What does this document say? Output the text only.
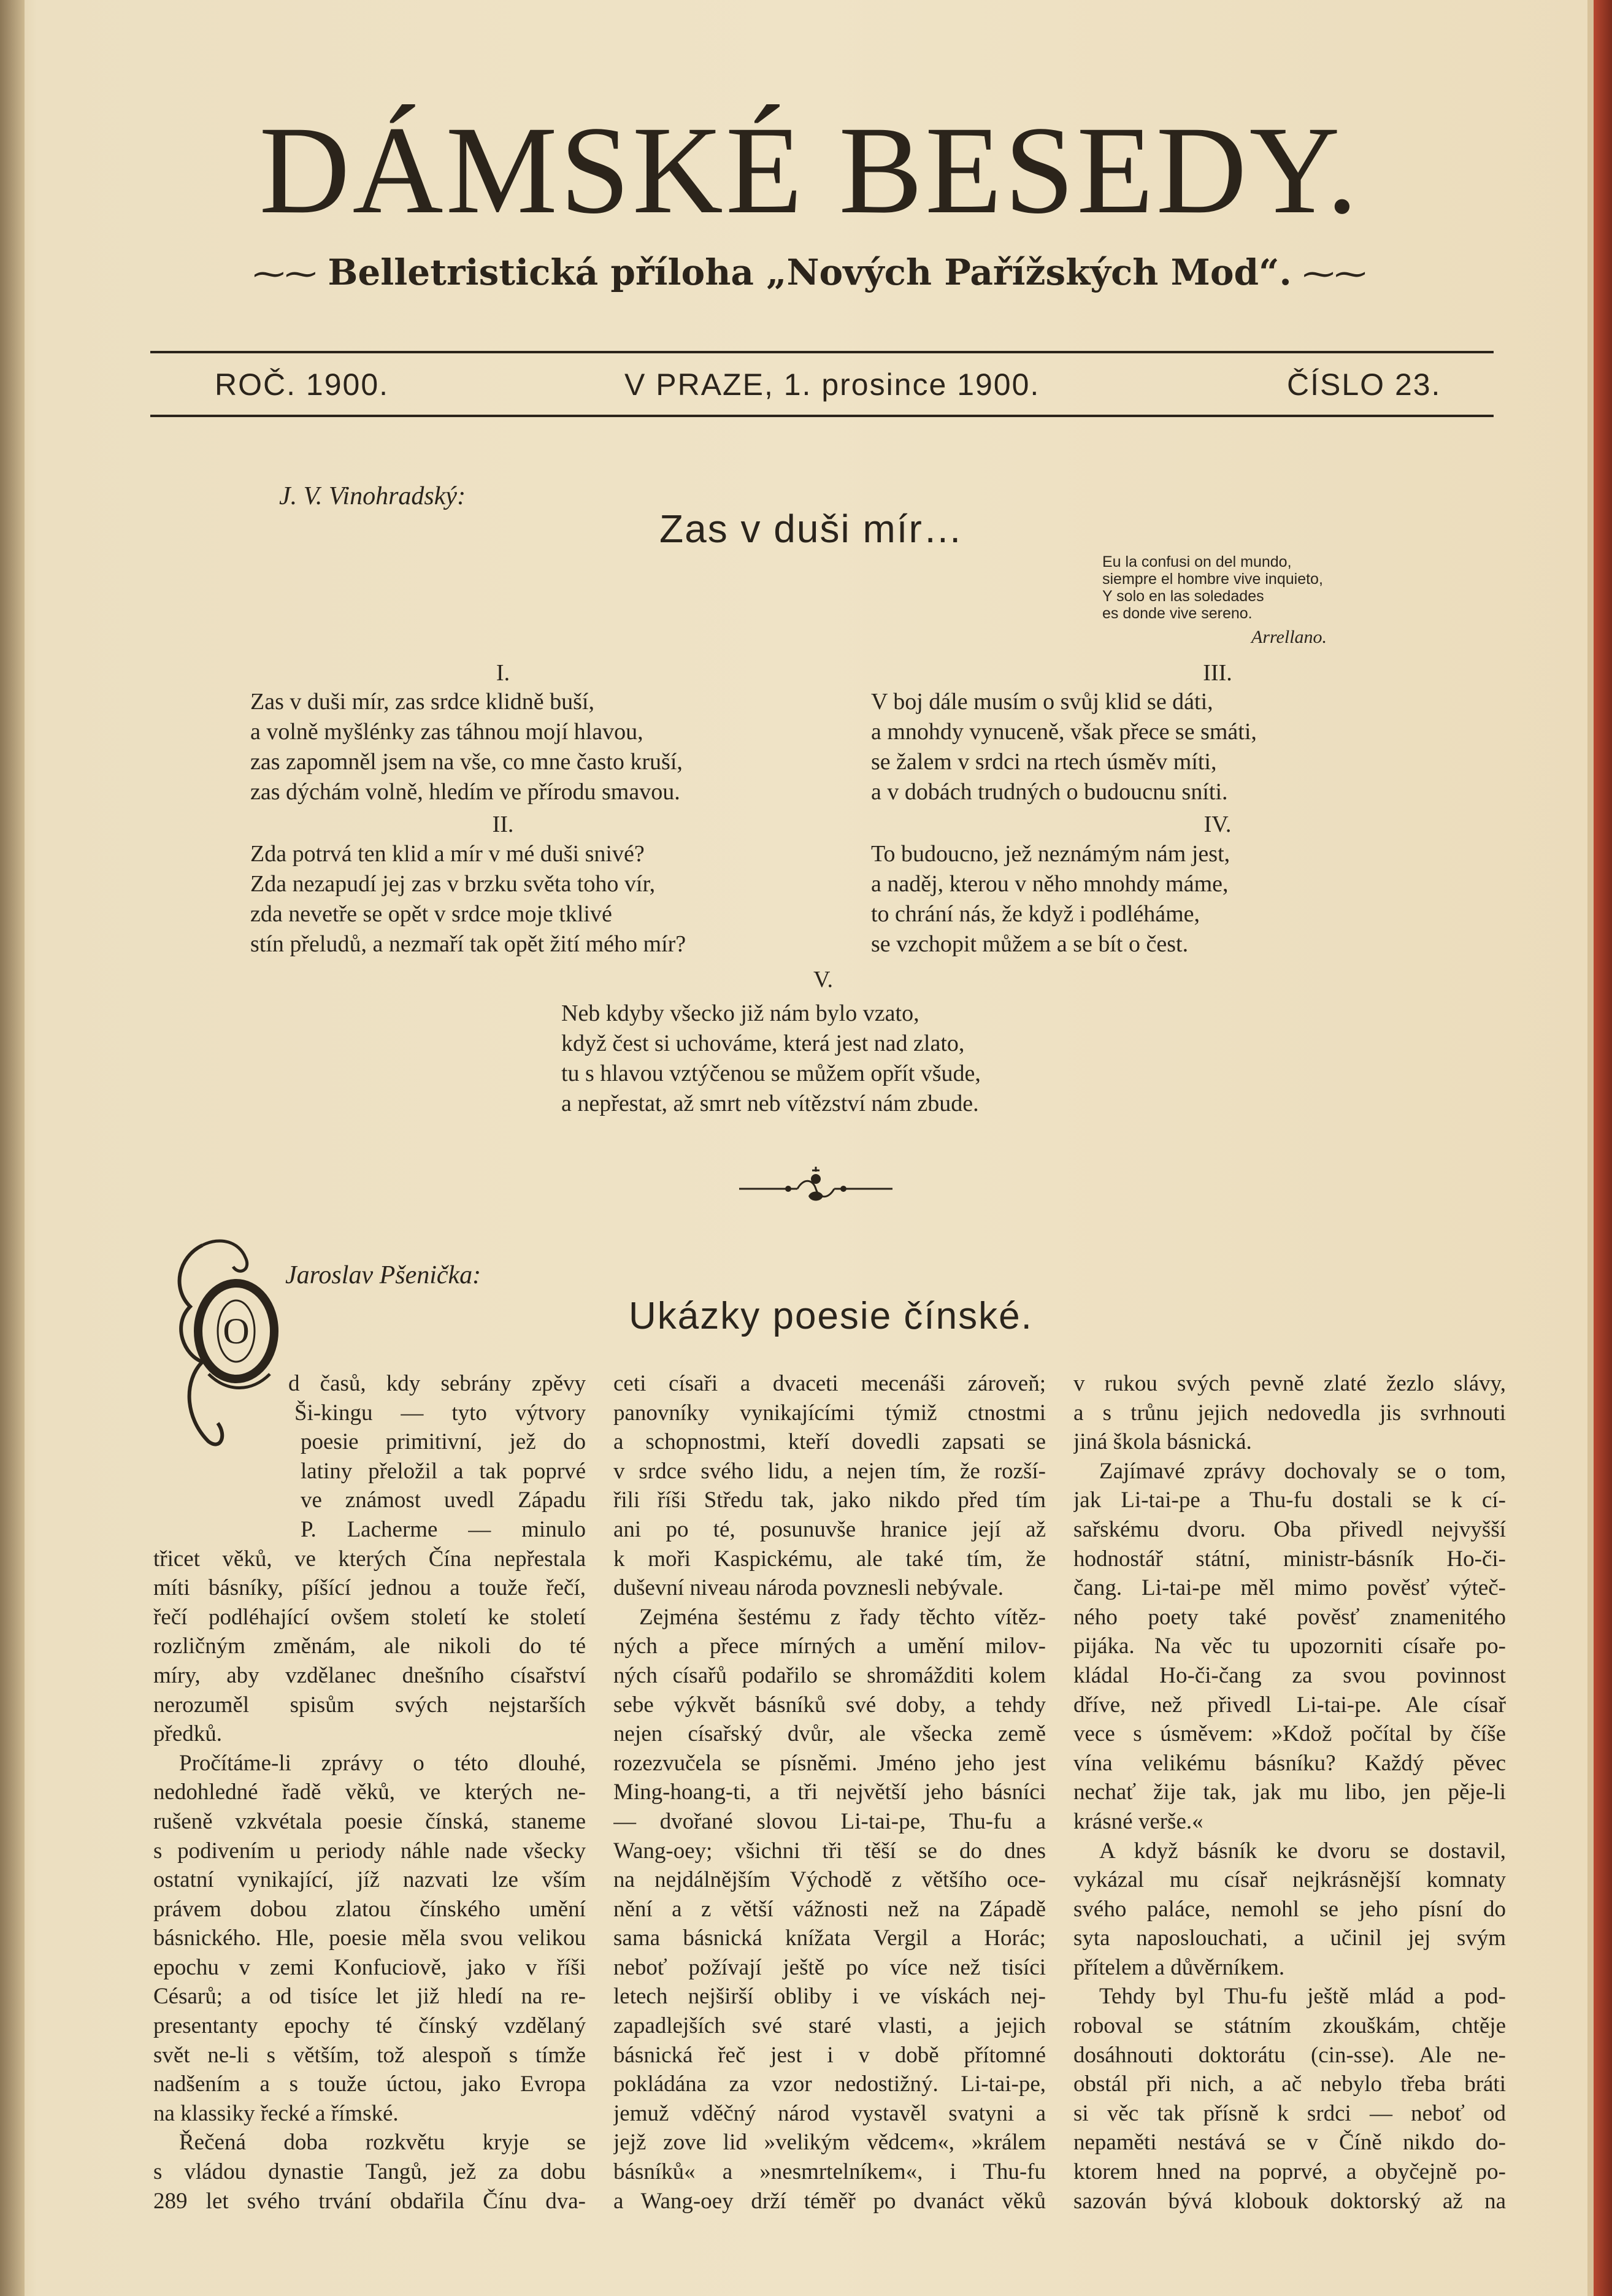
DÁMSKÉ BESEDY.
⁓⁓ Belletristická příloha „Nových Pařížských Mod“. ⁓⁓
ROČ. 1900.	V PRAZE, 1. prosince 1900.	ČÍSLO 23.
J. V. Vinohradský:
Zas v duši mír…
Eu la confusi on del mundo,
siempre el hombre vive inquieto,
Y solo en las soledades
es donde vive sereno.
Arrellano.
I.
Zas v duši mír, zas srdce klidně buší,
a volně myšlénky zas táhnou mojí hlavou,
zas zapomněl jsem na vše, co mne často kruší,
zas dýchám volně, hledím ve přírodu smavou.
II.
Zda potrvá ten klid a mír v mé duši snivé?
Zda nezapudí jej zas v brzku světa toho vír,
zda nevetře se opět v srdce moje tklivé
stín přeludů, a nezmaří tak opět žití mého mír?
III.
V boj dále musím o svůj klid se dáti,
a mnohdy vynuceně, však přece se smáti,
se žalem v srdci na rtech úsměv míti,
a v dobách trudných o budoucnu sníti.
IV.
To budoucno, jež neznámým nám jest,
a naděj, kterou v něho mnohdy máme,
to chrání nás, že když i podléháme,
se vzchopit můžem a se bít o čest.
V.
Neb kdyby všecko již nám bylo vzato,
když čest si uchováme, která jest nad zlato,
tu s hlavou vztýčenou se můžem opřít všude,
a nepřestat, až smrt neb vítězství nám zbude.
O
Jaroslav Pšenička:
Ukázky poesie čínské.
d časů, kdy sebrány zpěvy
Ši-kingu — tyto výtvory
poesie primitivní, jež do
latiny přeložil a tak poprvé
ve známost uvedl Západu
P. Lacherme — minulo
třicet věků, ve kterých Čína nepřestala
míti básníky, píšící jednou a touže řečí,
řečí podléhající ovšem století ke století
rozličným změnám, ale nikoli do té
míry, aby vzdělanec dnešního císařství
nerozuměl spisům svých nejstarších
předků.
Pročítáme-li zprávy o této dlouhé,
nedohledné řadě věků, ve kterých ne-
rušeně vzkvétala poesie čínská, staneme
s podivením u periody náhle nade všecky
ostatní vynikající, jíž nazvati lze vším
právem dobou zlatou čínského umění
básnického. Hle, poesie měla svou velikou
epochu v zemi Konfuciově, jako v říši
Césarů; a od tisíce let již hledí na re-
presentanty epochy té čínský vzdělaný
svět ne-li s větším, tož alespoň s tímže
nadšením a s touže úctou, jako Evropa
na klassiky řecké a římské.
Řečená doba rozkvětu kryje se
s vládou dynastie Tangů, jež za dobu
289 let svého trvání obdařila Čínu dva-
ceti císaři a dvaceti mecenáši zároveň;
panovníky vynikajícími týmiž ctnostmi
a schopnostmi, kteří dovedli zapsati se
v srdce svého lidu, a nejen tím, že rozší-
řili říši Středu tak, jako nikdo před tím
ani po té, posunuvše hranice její až
k moři Kaspickému, ale také tím, že
duševní niveau národa povznesli nebývale.
Zejména šestému z řady těchto vítěz-
ných a přece mírných a umění milov-
ných císařů podařilo se shromážditi kolem
sebe výkvět básníků své doby, a tehdy
nejen císařský dvůr, ale všecka země
rozezvučela se písněmi. Jméno jeho jest
Ming-hoang-ti, a tři největší jeho básníci
— dvořané slovou Li-tai-pe, Thu-fu a
Wang-oey; všichni tři těší se do dnes
na nejdálnějším Východě z většího oce-
nění a z větší vážnosti než na Západě
sama básnická knížata Vergil a Horác;
neboť požívají ještě po více než tisíci
letech nejširší obliby i ve vískách nej-
zapadlejších své staré vlasti, a jejich
básnická řeč jest i v době přítomné
pokládána za vzor nedostižný. Li-tai-pe,
jemuž vděčný národ vystavěl svatyni a
jejž zove lid »velikým vědcem«, »králem
básníků« a »nesmrtelníkem«, i Thu-fu
a Wang-oey drží téměř po dvanáct věků
v rukou svých pevně zlaté žezlo slávy,
a s trůnu jejich nedovedla jis svrhnouti
jiná škola básnická.
Zajímavé zprávy dochovaly se o tom,
jak Li-tai-pe a Thu-fu dostali se k cí-
sařskému dvoru. Oba přivedl nejvyšší
hodnostář státní, ministr-básník Ho-či-
čang. Li-tai-pe měl mimo pověsť výteč-
ného poety také pověsť znamenitého
pijáka. Na věc tu upozorniti císaře po-
kládal Ho-či-čang za svou povinnost
dříve, než přivedl Li-tai-pe. Ale císař
vece s úsměvem: »Kdož počítal by číše
vína velikému básníku? Každý pěvec
nechať žije tak, jak mu libo, jen pěje-li
krásné verše.«
A když básník ke dvoru se dostavil,
vykázal mu císař nejkrásnější komnaty
svého paláce, nemohl se jeho písní do
syta naposlouchati, a učinil jej svým
přítelem a důvěrníkem.
Tehdy byl Thu-fu ještě mlád a pod-
roboval se státním zkouškám, chtěje
dosáhnouti doktorátu (cin-sse). Ale ne-
obstál při nich, a ač nebylo třeba bráti
si věc tak přísně k srdci — neboť od
nepaměti nestává se v Číně nikdo do-
ktorem hned na poprvé, a obyčejně po-
sazován bývá klobouk doktorský až na
